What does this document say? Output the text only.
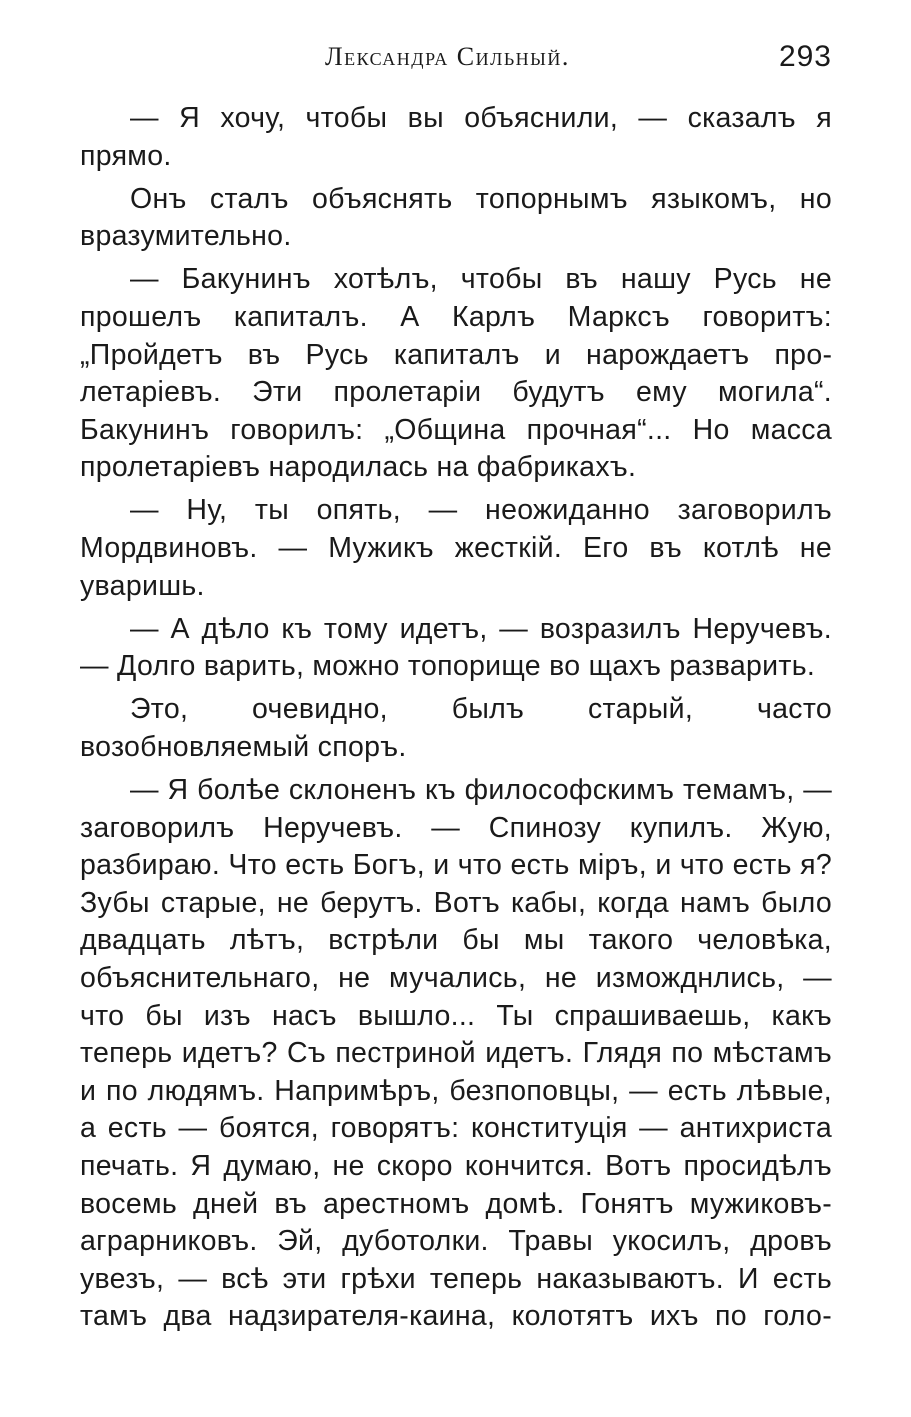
Лександра Сильный.	293

— Я хочу, чтобы вы объяснили, — сказалъ я прямо.

Онъ сталъ объяснять топорнымъ языкомъ, но вразумительно.

— Бакунинъ хотѣлъ, чтобы въ нашу Русь не прошелъ капиталъ. А Карлъ Марксъ говоритъ: „Пройдетъ въ Русь капиталъ и нарождаетъ пролетаріевъ. Эти пролетаріи будутъ ему могила“. Бакунинъ говорилъ: „Община прочная“... Но масса пролетаріевъ народилась на фабрикахъ.

— Ну, ты опять, — неожиданно заговорилъ Мордвиновъ. — Мужикъ жесткій. Его въ котлѣ не уваришь.

— А дѣло къ тому идетъ, — возразилъ Неручевъ. — Долго варить, можно топорище во щахъ разварить.

Это, очевидно, былъ старый, часто возобновляемый споръ.

— Я болѣе склоненъ къ философскимъ темамъ, — заговорилъ Неручевъ. — Спинозу купилъ. Жую, разбираю. Что есть Богъ, и что есть міръ, и что есть я? Зубы старые, не берутъ. Вотъ кабы, когда намъ было двадцать лѣтъ, встрѣли бы мы такого человѣка, объяснительнаго, не мучались, не изможднлись, — что бы изъ насъ вышло... Ты спрашиваешь, какъ теперь идетъ? Съ пестриной идетъ. Глядя по мѣстамъ и по людямъ. Напримѣръ, безпоповцы, — есть лѣвые, а есть — боятся, говорятъ: конституція — антихриста печать. Я думаю, не скоро кончится. Вотъ просидѣлъ восемь дней въ арестномъ домѣ. Гонятъ мужиковъ-аграрниковъ. Эй, дуботолки. Травы укосилъ, дровъ увезъ, — всѣ эти грѣхи теперь наказываютъ. И есть тамъ два надзирателя-каина, колотятъ ихъ по голо-
